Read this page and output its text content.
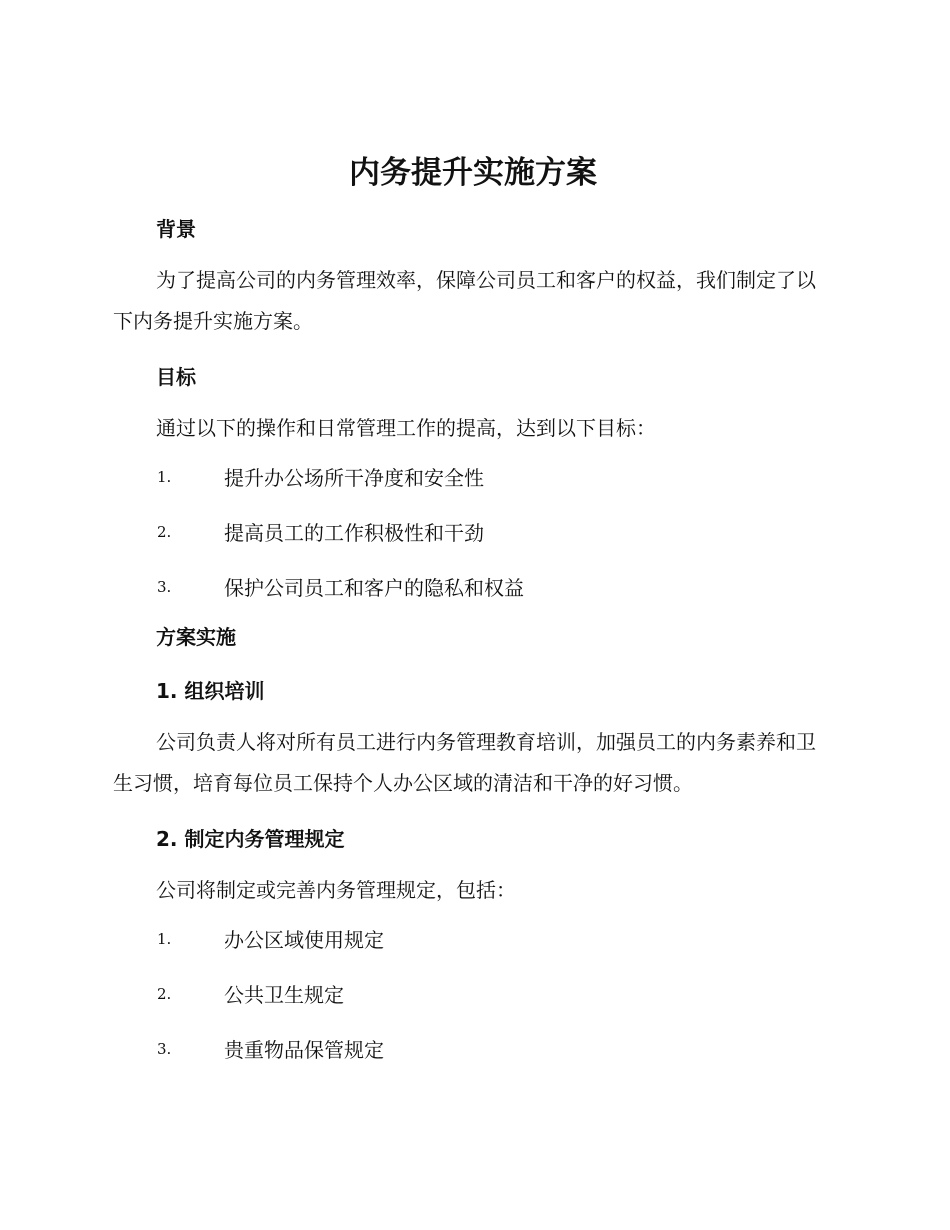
内务提升实施方案
背景

为了提高公司的内务管理效率，保障公司员工和客户的权益，我们制定了以下内务提升实施方案。

目标

通过以下的操作和日常管理工作的提高，达到以下目标：

1.	提升办公场所干净度和安全性
2.	提高员工的工作积极性和干劲
3.	保护公司员工和客户的隐私和权益
方案实施
1. 组织培训

公司负责人将对所有员工进行内务管理教育培训，加强员工的内务素养和卫生习惯，培育每位员工保持个人办公区域的清洁和干净的好习惯。

2. 制定内务管理规定

公司将制定或完善内务管理规定，包括：

1.	办公区域使用规定
2.	公共卫生规定
3.	贵重物品保管规定
